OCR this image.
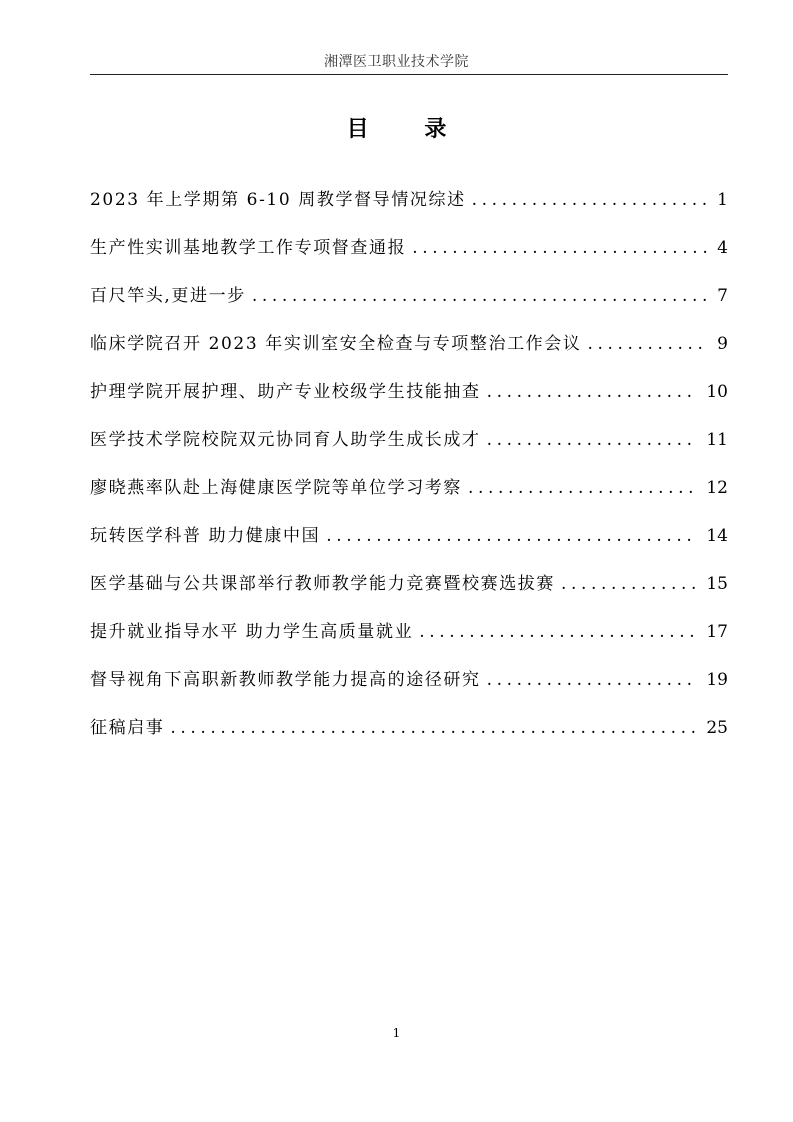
湘潭医卫职业技术学院
目 录
2023 年上学期第 6-10 周教学督导情况综述 .....	1
生产性实训基地教学工作专项督查通报 .....	4
百尺竿头,更进一步 .....	7
临床学院召开 2023 年实训室安全检查与专项整治工作会议 .....	9
护理学院开展护理、助产专业校级学生技能抽查 .....	10
医学技术学院校院双元协同育人助学生成长成才 .....	11
廖晓燕率队赴上海健康医学院等单位学习考察 .....	12
玩转医学科普 助力健康中国 .....	14
医学基础与公共课部举行教师教学能力竞赛暨校赛选拔赛 .....	15
提升就业指导水平 助力学生高质量就业 .....	17
督导视角下高职新教师教学能力提高的途径研究 .....	19
征稿启事 .....	25
1
